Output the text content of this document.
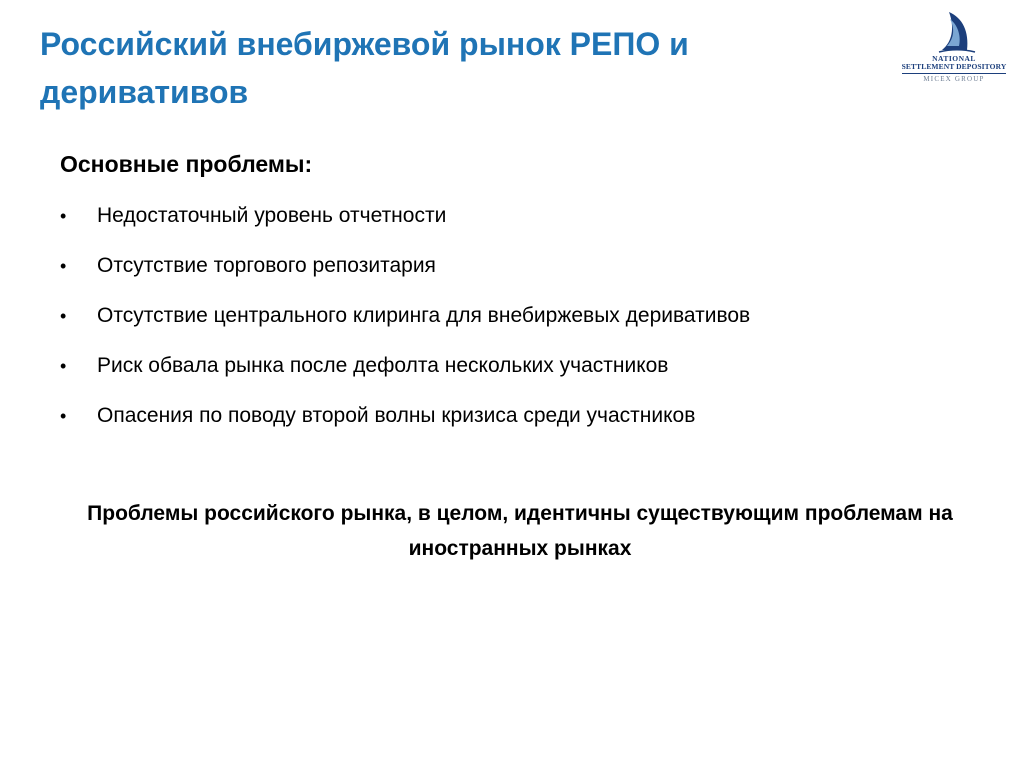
Российский внебиржевой рынок РЕПО и деривативов
NATIONAL
SETTLEMENT DEPOSITORY
MICEX GROUP
Основные проблемы:
• Недостаточный уровень отчетности
• Отсутствие торгового репозитария
• Отсутствие центрального клиринга для внебиржевых деривативов
• Риск обвала рынка после дефолта нескольких участников
• Опасения по поводу второй волны кризиса среди участников

Проблемы российского рынка, в целом, идентичны существующим проблемам на иностранных рынках
